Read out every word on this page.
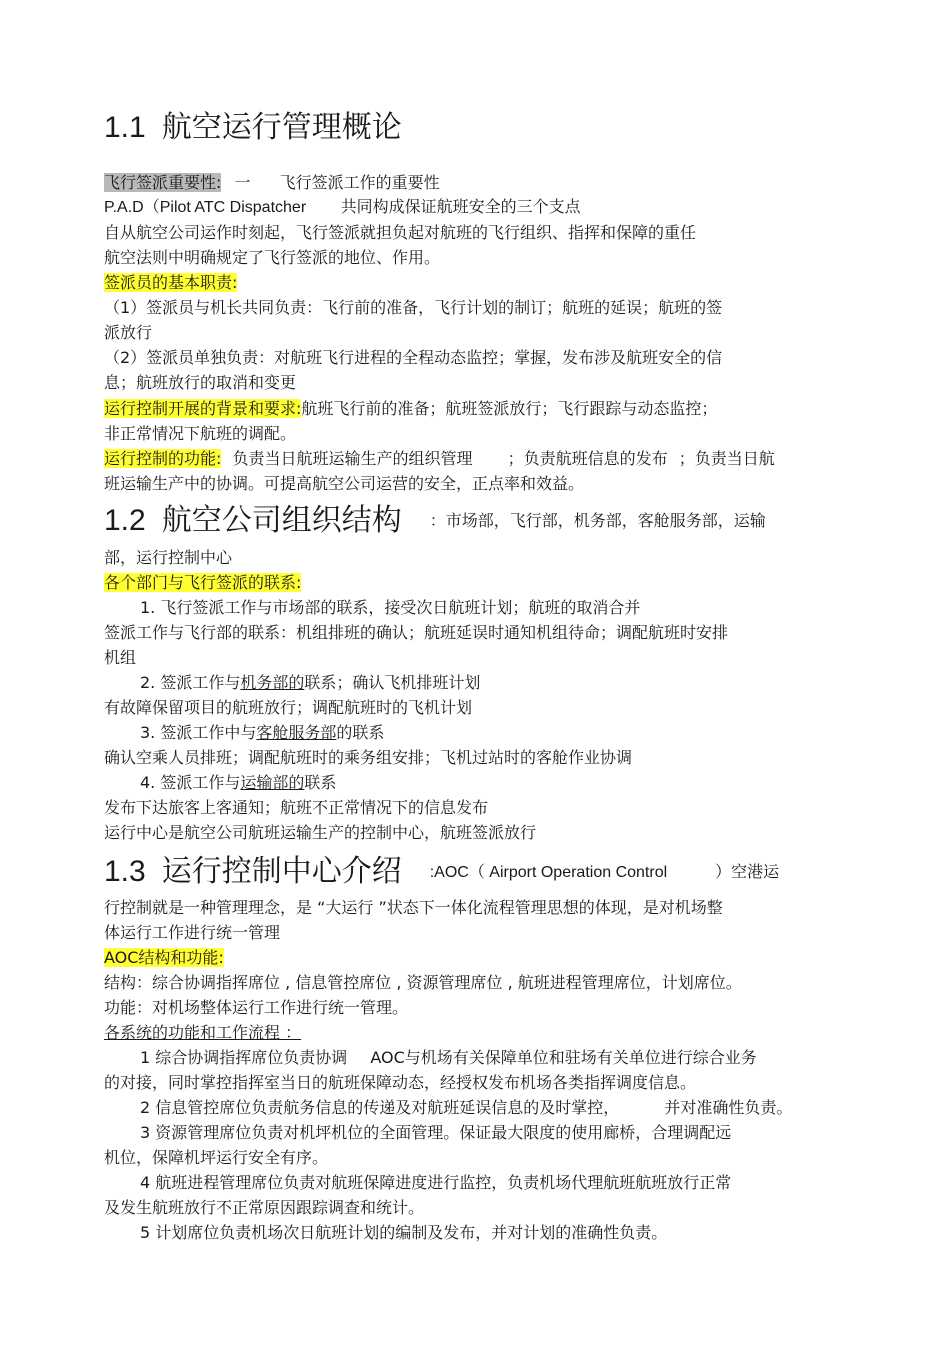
1.1 航空运行管理概论
飞行签派重要性: 一 飞行签派工作的重要性
P.A.D（Pilot ATC Dispatcher 共同构成保证航班安全的三个支点
自从航空公司运作时刻起，飞行签派就担负起对航班的飞行组织、指挥和保障的重任
航空法则中明确规定了飞行签派的地位、作用。
签派员的基本职责:
（1）签派员与机长共同负责：飞行前的准备，飞行计划的制订；航班的延误；航班的签
派放行
（2）签派员单独负责：对航班飞行进程的全程动态监控；掌握，发布涉及航班安全的信
息；航班放行的取消和变更
运行控制开展的背景和要求:航班飞行前的准备；航班签派放行；飞行跟踪与动态监控；
非正常情况下航班的调配。
运行控制的功能: 负责当日航班运输生产的组织管理 ；负责航班信息的发布 ；负责当日航
班运输生产中的协调。可提高航空公司运营的安全，正点率和效益。
1.2 航空公司组织结构 ：市场部，飞行部，机务部，客舱服务部，运输
部，运行控制中心
各个部门与飞行签派的联系:
1. 飞行签派工作与市场部的联系，接受次日航班计划；航班的取消合并
签派工作与飞行部的联系：机组排班的确认；航班延误时通知机组待命；调配航班时安排
机组
2. 签派工作与机务部的联系；确认飞机排班计划
有故障保留项目的航班放行；调配航班时的飞机计划
3. 签派工作中与客舱服务部的联系
确认空乘人员排班；调配航班时的乘务组安排；飞机过站时的客舱作业协调
4. 签派工作与运输部的联系
发布下达旅客上客通知；航班不正常情况下的信息发布
运行中心是航空公司航班运输生产的控制中心，航班签派放行
1.3 运行控制中心介绍 :AOC（ Airport Operation Control	）空港运
行控制就是一种管理理念，是 “大运行 ”状态下一体化流程管理思想的体现，是对机场整
体运行工作进行统一管理
AOC结构和功能:
结构：综合协调指挥席位 , 信息管控席位 , 资源管理席位 , 航班进程管理席位，计划席位。
功能：对机场整体运行工作进行统一管理。
各系统的功能和工作流程 ：
1 综合协调指挥席位负责协调 AOC与机场有关保障单位和驻场有关单位进行综合业务
的对接，同时掌控指挥室当日的航班保障动态，经授权发布机场各类指挥调度信息。
2 信息管控席位负责航务信息的传递及对航班延误信息的及时掌控，	并对准确性负责。
3 资源管理席位负责对机坪机位的全面管理。保证最大限度的使用廊桥，合理调配远
机位，保障机坪运行安全有序。
4 航班进程管理席位负责对航班保障进度进行监控，负责机场代理航班航班放行正常
及发生航班放行不正常原因跟踪调查和统计。
5 计划席位负责机场次日航班计划的编制及发布，并对计划的准确性负责。
